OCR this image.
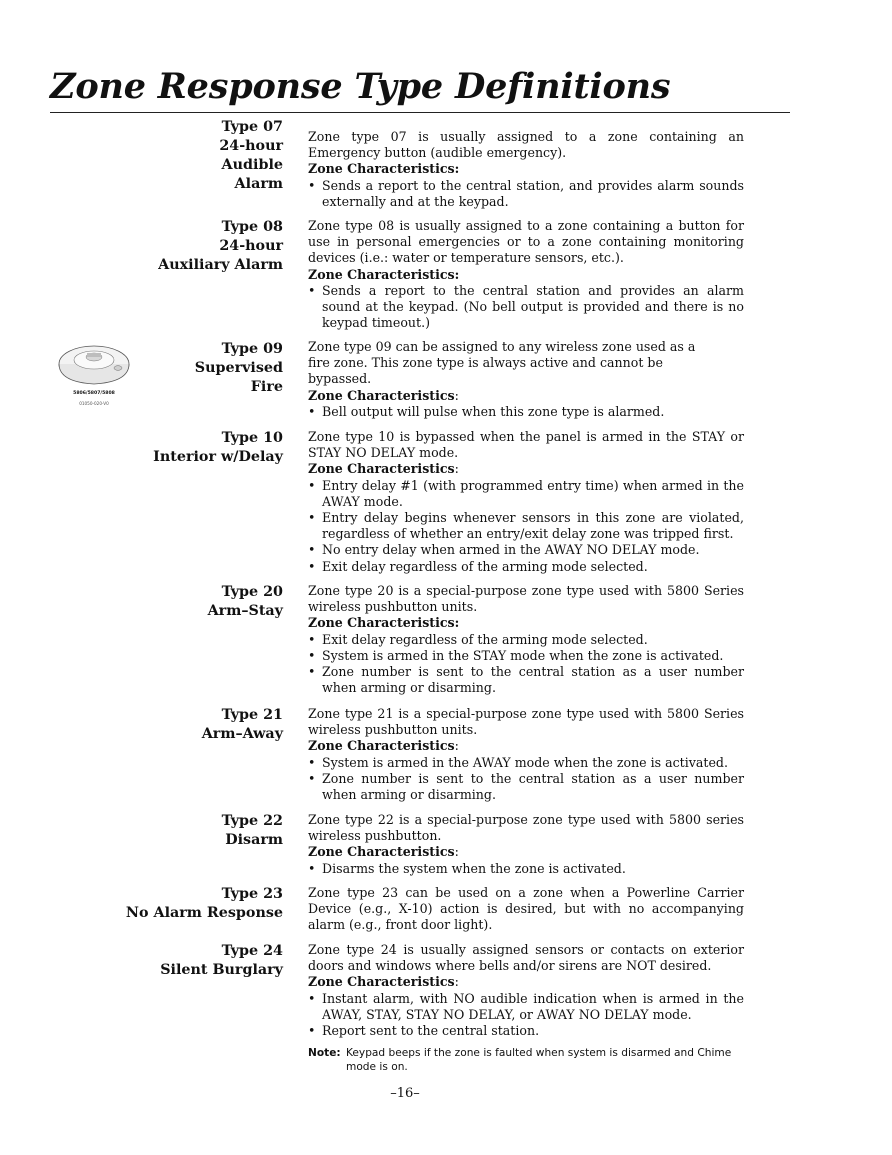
Zone Response Type Definitions
Type 07
24-hour
Audible
Alarm

Zone type 07 is usually assigned to a zone containing an Emergency button (audible emergency).

Zone Characteristics:

• Sends a report to the central station, and provides alarm sounds externally and at the keypad.
Type 08
24-hour
Auxiliary Alarm

Zone type 08 is usually assigned to a zone containing a button for use in personal emergencies or to a zone containing monitoring devices (i.e.: water or temperature sensors, etc.).

Zone Characteristics:

• Sends a report to the central station and provides an alarm sound at the keypad. (No bell output is provided and there is no keypad timeout.)
5806/5807/5808
01050-020-V0
Type 09
Supervised
Fire

Zone type 09 can be assigned to any wireless zone used as a
fire zone. This zone type is always active and cannot be
bypassed.

Zone Characteristics:

• Bell output will pulse when this zone type is alarmed.
Type 10
Interior w/Delay

Zone type 10 is bypassed when the panel is armed in the STAY or STAY NO DELAY mode.

Zone Characteristics:

• Entry delay #1 (with programmed entry time) when armed in the AWAY mode.
• Entry delay begins whenever sensors in this zone are violated, regardless of whether an entry/exit delay zone was tripped first.
• No entry delay when armed in the AWAY NO DELAY mode.
• Exit delay regardless of the arming mode selected.
Type 20
Arm–Stay

Zone type 20 is a special-purpose zone type used with 5800 Series wireless pushbutton units.

Zone Characteristics:

• Exit delay regardless of the arming mode selected.
• System is armed in the STAY mode when the zone is activated.
• Zone number is sent to the central station as a user number when arming or disarming.
Type 21
Arm–Away

Zone type 21 is a special-purpose zone type used with 5800 Series wireless pushbutton units.

Zone Characteristics:

• System is armed in the AWAY mode when the zone is activated.
• Zone number is sent to the central station as a user number when arming or disarming.
Type 22
Disarm

Zone type 22 is a special-purpose zone type used with 5800 series wireless pushbutton.

Zone Characteristics:

• Disarms the system when the zone is activated.
Type 23
No Alarm Response

Zone type 23 can be used on a zone when a Powerline Carrier Device (e.g., X-10) action is desired, but with no accompanying alarm (e.g., front door light).

Type 24
Silent Burglary

Zone type 24 is usually assigned sensors or contacts on exterior doors and windows where bells and/or sirens are NOT desired.

Zone Characteristics:

• Instant alarm, with NO audible indication when is armed in the AWAY, STAY, STAY NO DELAY, or AWAY NO DELAY mode.
• Report sent to the central station.
Note: Keypad beeps if the zone is faulted when system is disarmed and Chime mode is on.
–16–
